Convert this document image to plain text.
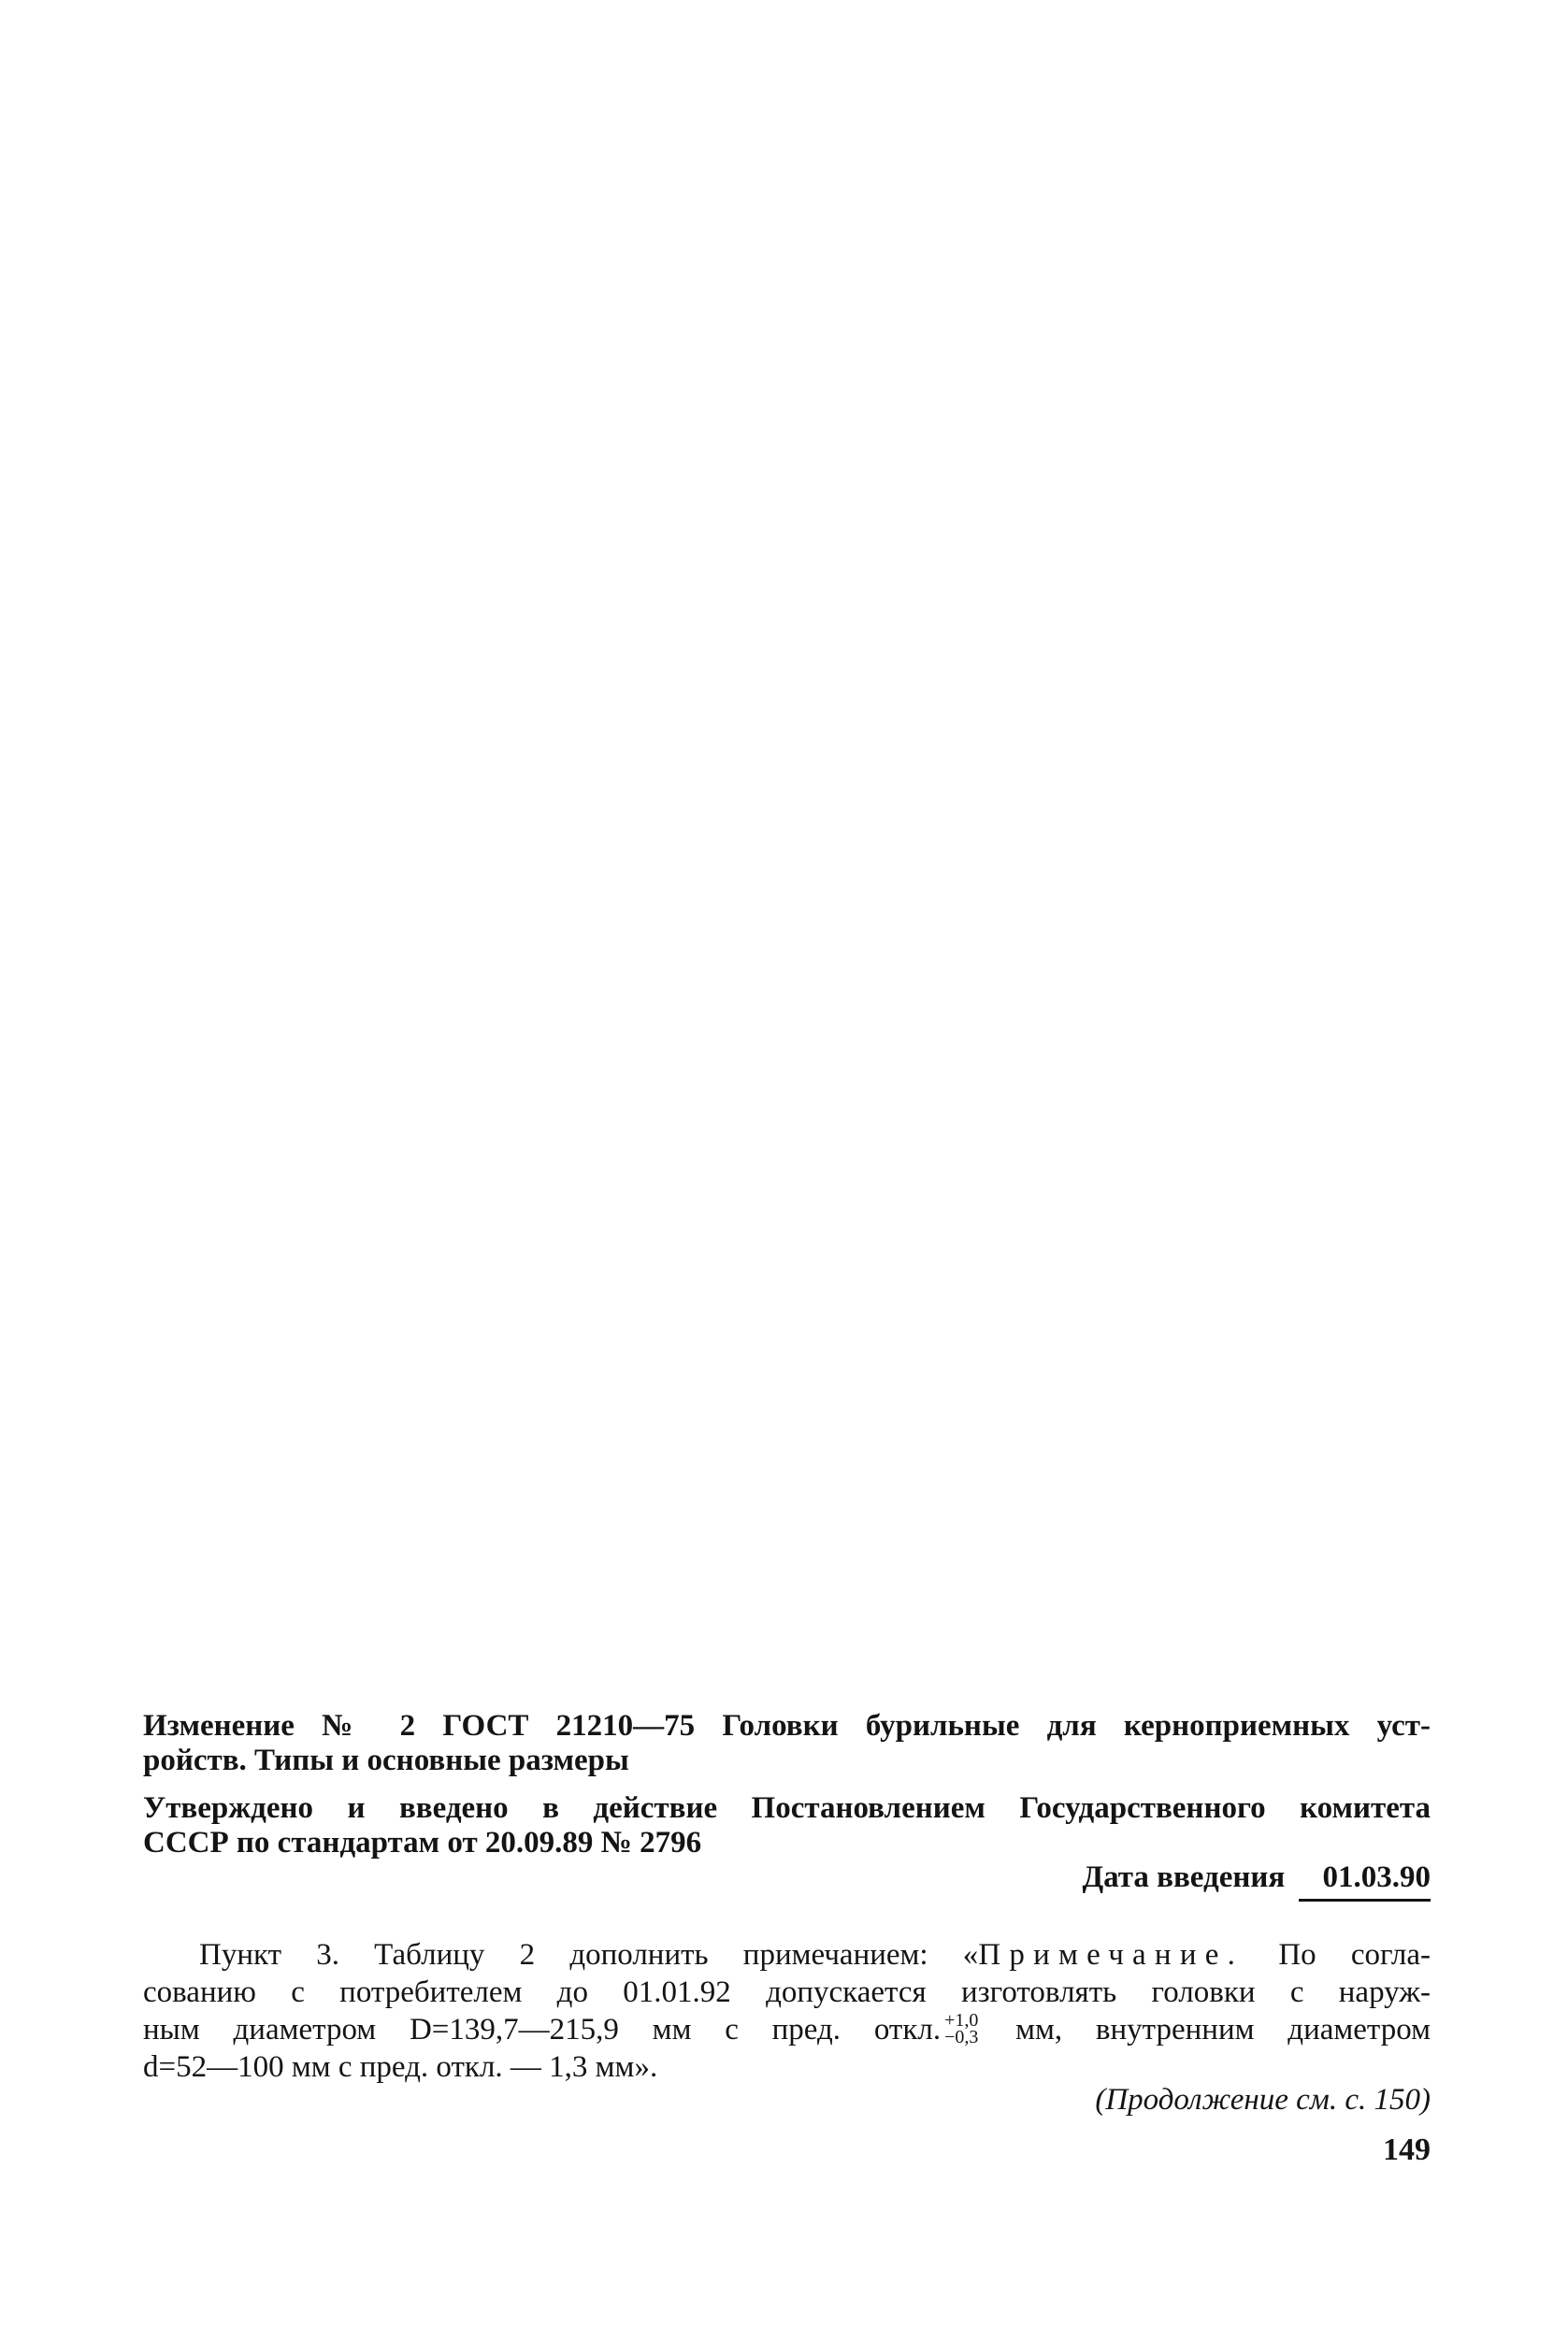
Изменение № 2 ГОСТ 21210—75 Головки бурильные для кернoприемных уст-
ройств. Типы и основные размеры
Утверждено и введено в действие Постановлением Государственного комитета
СССР по стандартам от 20.09.89 № 2796
Дата введения 01.03.90
Пункт 3. Таблицу 2 дополнить примечанием: «Примечание. По согла-
сованию с потребителем до 01.01.92 допускается изготовлять головки с наруж-
ным диаметром D=139,7—215,9 мм с пред. откл. +1,0
−0,3 мм, внутренним диаметром
d=52—100 мм с пред. откл. — 1,3 мм».
(Продолжение см. с. 150)
149
